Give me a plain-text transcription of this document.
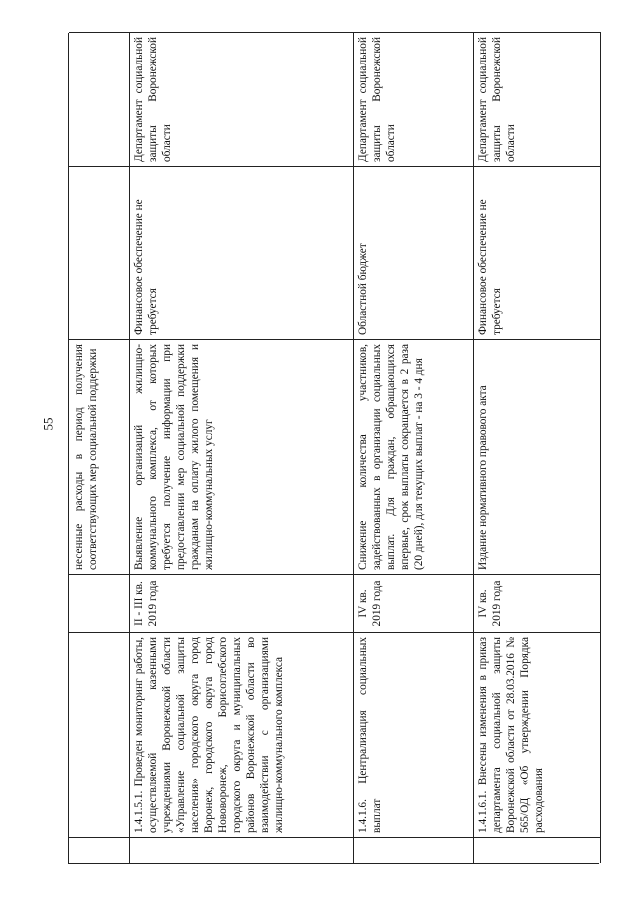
55	несенные расходы в период получения соответствующих мер социальной поддержки
1.4.1.5.1. Проведен мониторинг работы, осуществляемой казенными учреждениями Воронежской области «Управление социальной защиты населения» городского округа город Воронеж, городского округа город Нововоронеж, Борисоглебского городского округа и муниципальных районов Воронежской области во взаимодействии с организациями жилищно-коммунального комплекса
II - III кв. 2019 года
Выявление организаций жилищно-коммунального комплекса, от которых требуется получение информации при предоставлении мер социальной поддержки гражданам на оплату жилого помещения и жилищно-коммунальных услуг
Финансовое обеспечение не требуется
Департамент социальной защиты Воронежской области
1.4.1.6. Централизация социальных выплат
IV кв. 2019 года
Снижение количества участников, задействованных в организации социальных выплат. Для граждан, обращающихся впервые, срок выплаты сокращается в 2 раза (20 дней), для текущих выплат - на 3 - 4 дня
Областной бюджет
Департамент социальной защиты Воронежской области
1.4.1.6.1. Внесены изменения в приказ департамента социальной защиты Воронежской области от 28.03.2016 № 565/ОД «Об утверждении Порядка расходования
IV кв. 2019 года
Издание нормативного правового акта
Финансовое обеспечение не требуется
Департамент социальной защиты Воронежской области
